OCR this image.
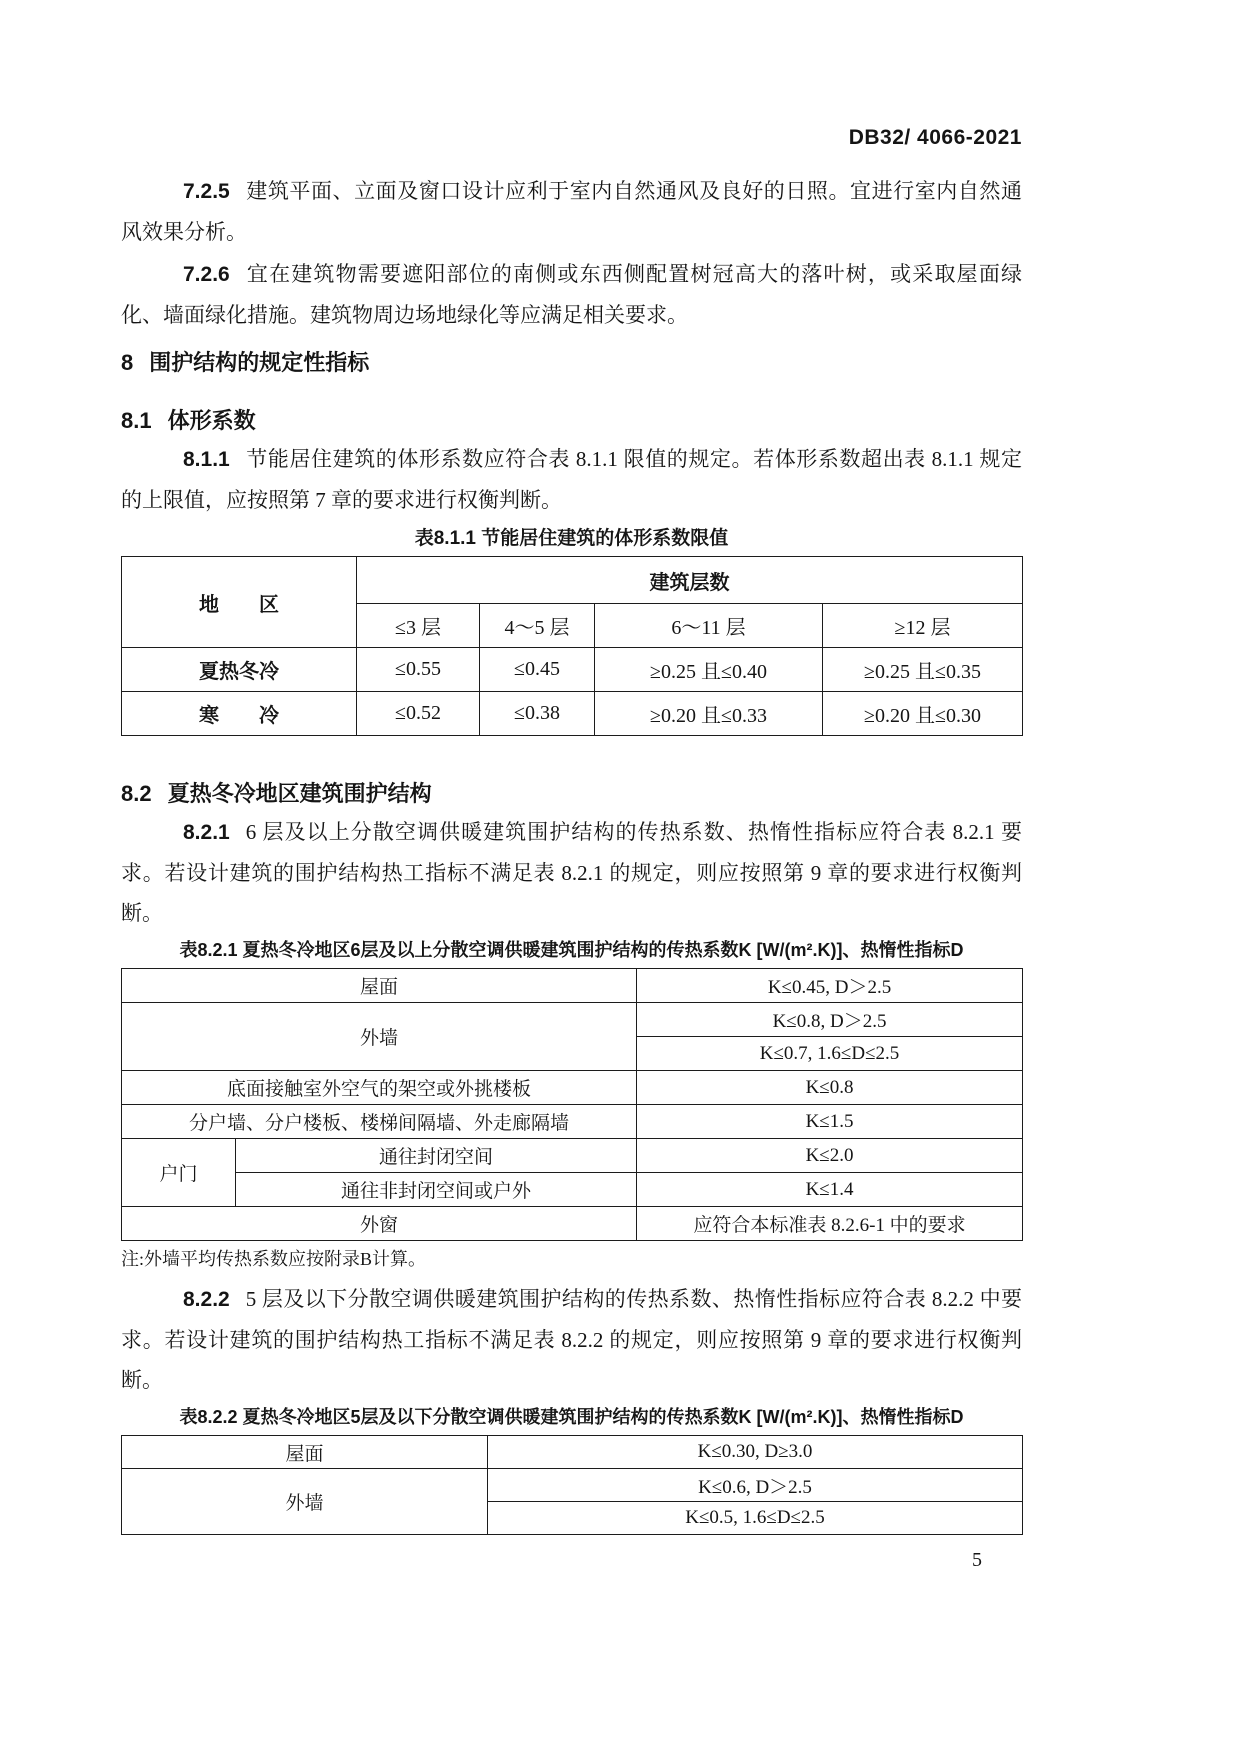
DB32/ 4066-2021

7.2.5 建筑平面、立面及窗口设计应利于室内自然通风及良好的日照。宜进行室内自然通风效果分析。

7.2.6 宜在建筑物需要遮阳部位的南侧或东西侧配置树冠高大的落叶树，或采取屋面绿化、墙面绿化措施。建筑物周边场地绿化等应满足相关要求。

8 围护结构的规定性指标
8.1 体形系数

8.1.1 节能居住建筑的体形系数应符合表 8.1.1 限值的规定。若体形系数超出表 8.1.1 规定的上限值，应按照第 7 章的要求进行权衡判断。

表8.1.1 节能居住建筑的体形系数限值
地　　区	建筑层数			
	≤3 层	4～5 层	6～11 层	≥12 层
夏热冬冷	≤0.55	≤0.45	≥0.25 且≤0.40	≥0.25 且≤0.35
寒　　冷	≤0.52	≤0.38	≥0.20 且≤0.33	≥0.20 且≤0.30
8.2 夏热冬冷地区建筑围护结构

8.2.1 6 层及以上分散空调供暖建筑围护结构的传热系数、热惰性指标应符合表 8.2.1 要求。若设计建筑的围护结构热工指标不满足表 8.2.1 的规定，则应按照第 9 章的要求进行权衡判断。

表8.2.1 夏热冬冷地区6层及以上分散空调供暖建筑围护结构的传热系数K [W/(m².K)]、热惰性指标D
屋面		K≤0.45, D＞2.5
外墙		K≤0.8, D＞2.5
		K≤0.7, 1.6≤D≤2.5
底面接触室外空气的架空或外挑楼板		K≤0.8
分户墙、分户楼板、楼梯间隔墙、外走廊隔墙		K≤1.5
户门	通往封闭空间	K≤2.0
	通往非封闭空间或户外	K≤1.4
外窗		应符合本标准表 8.2.6-1 中的要求
注:外墙平均传热系数应按附录B计算。

8.2.2 5 层及以下分散空调供暖建筑围护结构的传热系数、热惰性指标应符合表 8.2.2 中要求。若设计建筑的围护结构热工指标不满足表 8.2.2 的规定，则应按照第 9 章的要求进行权衡判断。

表8.2.2 夏热冬冷地区5层及以下分散空调供暖建筑围护结构的传热系数K [W/(m².K)]、热惰性指标D
屋面	K≤0.30, D≥3.0
外墙	K≤0.6, D＞2.5
	K≤0.5, 1.6≤D≤2.5
5
